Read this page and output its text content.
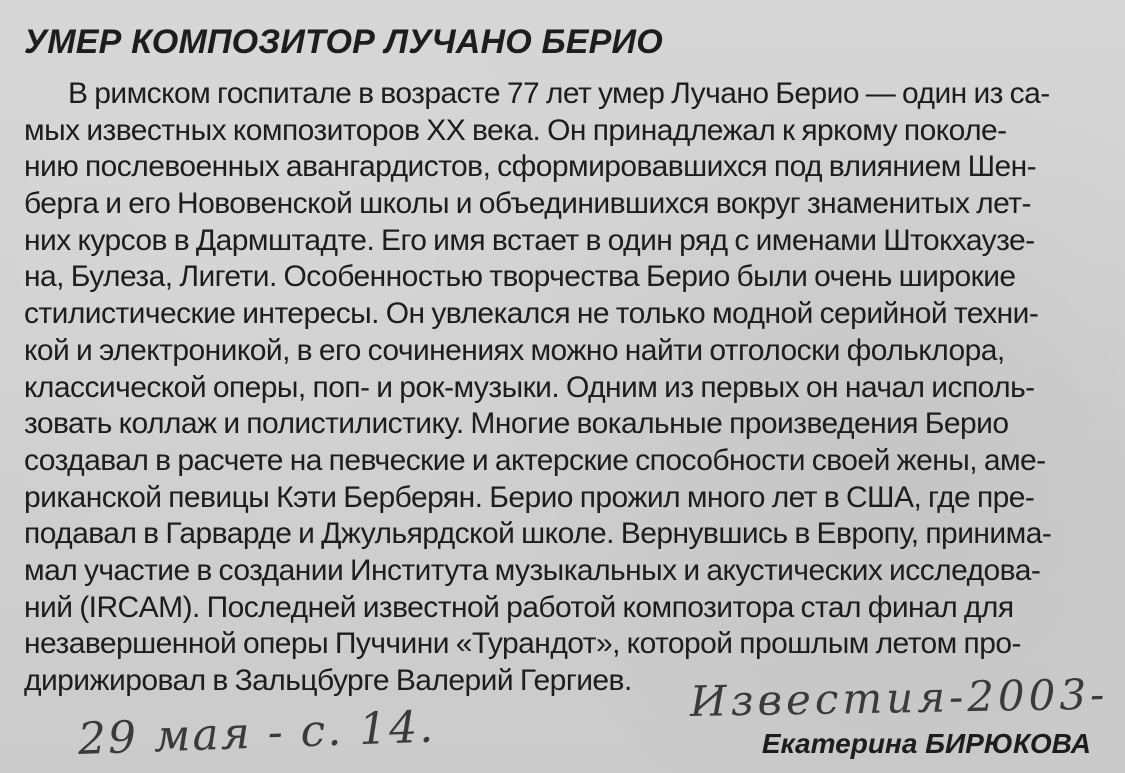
УМЕР КОМПОЗИТОР ЛУЧАНО БЕРИО
В римском госпитале в возрасте 77 лет умер Лучано Берио — один из са-
мых известных композиторов XX века. Он принадлежал к яркому поколе-
нию послевоенных авангардистов, сформировавшихся под влиянием Шен-
берга и его Нововенской школы и объединившихся вокруг знаменитых лет-
них курсов в Дармштадте. Его имя встает в один ряд с именами Штокхаузе-
на, Булеза, Лигети. Особенностью творчества Берио были очень широкие
стилистические интересы. Он увлекался не только модной серийной техни-
кой и электроникой, в его сочинениях можно найти отголоски фольклора,
классической оперы, поп- и рок-музыки. Одним из первых он начал исполь-
зовать коллаж и полистилистику. Многие вокальные произведения Берио
создавал в расчете на певческие и актерские способности своей жены, аме-
риканской певицы Кэти Берберян. Берио прожил много лет в США, где пре-
подавал в Гарварде и Джульярдской школе. Вернувшись в Европу, принима-
мал участие в создании Института музыкальных и акустических исследова-
ний (IRCAM). Последней известной работой композитора стал финал для
незавершенной оперы Пуччини «Турандот», которой прошлым летом про-
дирижировал в Зальцбурге Валерий Гергиев.	Известия-2003-
29 мая - с. 14.	Екатерина БИРЮКОВА
